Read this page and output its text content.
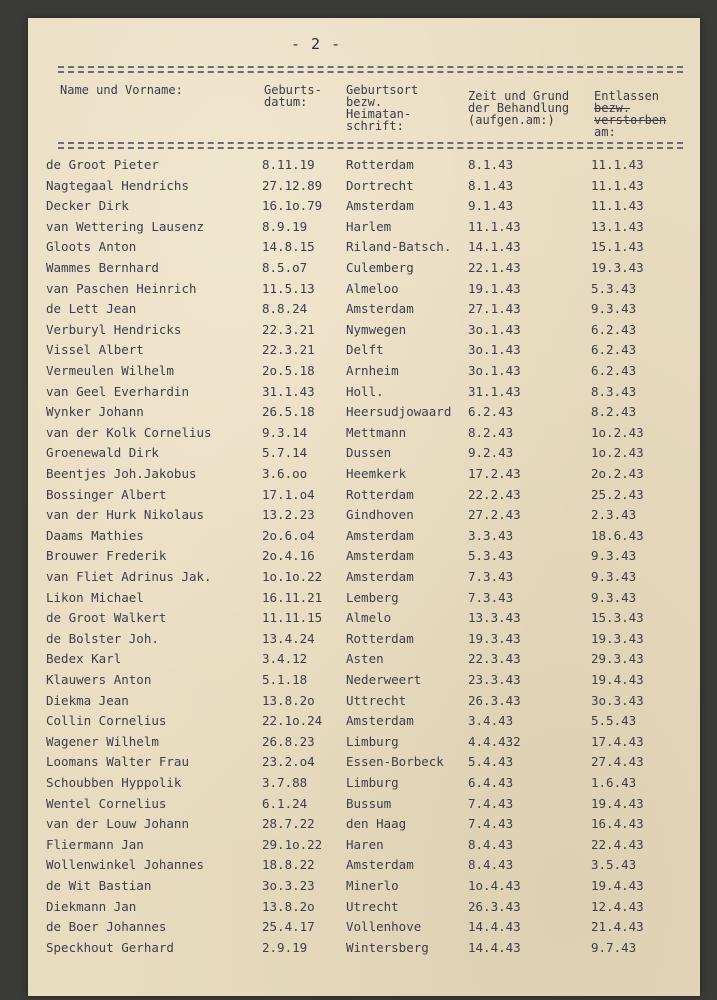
- 2 -
Name und Vorname:	Geburts-
datum:
Geburtsort
bezw.
Heimatan-
schrift:
Zeit und Grund
der Behandlung
(aufgen.am:)
Entlassen
bezw.
verstorben
am:
de Groot Pieter	8.11.19	Rotterdam	8.1.43	11.1.43
Nagtegaal Hendrichs	27.12.89 Dortrecht	8.1.43	11.1.43
Decker Dirk	16.1o.79 Amsterdam	9.1.43	11.1.43
van Wettering Lausenz	8.9.19	Harlem	11.1.43	13.1.43
Gloots Anton	14.8.15	Riland-Batsch. 14.1.43	15.1.43
Wammes Bernhard	8.5.o7	Culemberg	22.1.43	19.3.43
van Paschen Heinrich	11.5.13	Almeloo	19.1.43	5.3.43
de Lett Jean	8.8.24	Amsterdam	27.1.43	9.3.43
Verburyl Hendricks	22.3.21	Nymwegen	3o.1.43	6.2.43
Vissel Albert	22.3.21	Delft	3o.1.43	6.2.43
Vermeulen Wilhelm	2o.5.18	Arnheim	3o.1.43	6.2.43
van Geel Everhardin	31.1.43	Holl.	31.1.43	8.3.43
Wynker Johann	26.5.18	Heersudjowaard 6.2.43	8.2.43
van der Kolk Cornelius	9.3.14	Mettmann	8.2.43	1o.2.43
Groenewald Dirk	5.7.14	Dussen	9.2.43	1o.2.43
Beentjes Joh.Jakobus	3.6.oo	Heemkerk	17.2.43	2o.2.43
Bossinger Albert	17.1.o4	Rotterdam	22.2.43	25.2.43
van der Hurk Nikolaus	13.2.23	Gindhoven	27.2.43	2.3.43
Daams Mathies	2o.6.o4	Amsterdam	3.3.43	18.6.43
Brouwer Frederik	2o.4.16	Amsterdam	5.3.43	9.3.43
van Fliet Adrinus Jak.	1o.1o.22 Amsterdam	7.3.43	9.3.43
Likon Michael	16.11.21 Lemberg	7.3.43	9.3.43
de Groot Walkert	11.11.15 Almelo	13.3.43	15.3.43
de Bolster Joh.	13.4.24	Rotterdam	19.3.43	19.3.43
Bedex Karl	3.4.12	Asten	22.3.43	29.3.43
Klauwers Anton	5.1.18	Nederweert	23.3.43	19.4.43
Diekma Jean	13.8.2o	Uttrecht	26.3.43	3o.3.43
Collin Cornelius	22.1o.24 Amsterdam	3.4.43	5.5.43
Wagener Wilhelm	26.8.23	Limburg	4.4.432	17.4.43
Loomans Walter Frau	23.2.o4	Essen-Borbeck 5.4.43	27.4.43
Schoubben Hyppolik	3.7.88	Limburg	6.4.43	1.6.43
Wentel Cornelius	6.1.24	Bussum	7.4.43	19.4.43
van der Louw Johann	28.7.22	den Haag	7.4.43	16.4.43
Fliermann Jan	29.1o.22 Haren	8.4.43	22.4.43
Wollenwinkel Johannes	18.8.22	Amsterdam	8.4.43	3.5.43
de Wit Bastian	3o.3.23	Minerlo	1o.4.43	19.4.43
Diekmann Jan	13.8.2o	Utrecht	26.3.43	12.4.43
de Boer Johannes	25.4.17	Vollenhove	14.4.43	21.4.43
Speckhout Gerhard	2.9.19	Wintersberg	14.4.43	9.7.43
